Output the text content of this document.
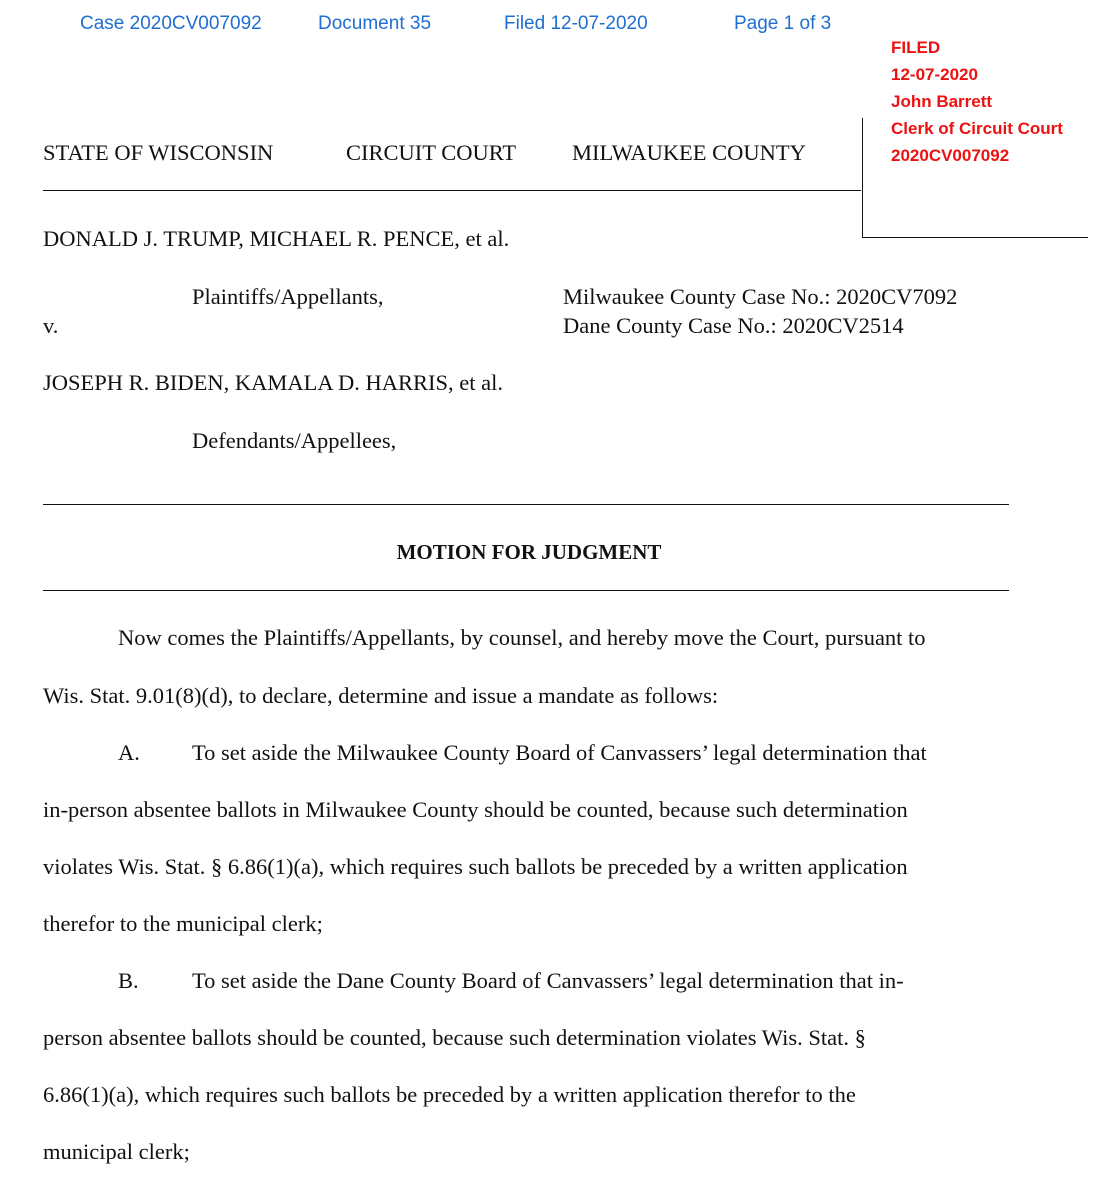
Case 2020CV007092	Document 35	Filed 12-07-2020	Page 1 of 3
FILED
12-07-2020
John Barrett
Clerk of Circuit Court
2020CV007092
STATE OF WISCONSIN	CIRCUIT COURT MILWAUKEE COUNTY
DONALD J. TRUMP, MICHAEL R. PENCE, et al.
Plaintiffs/Appellants,	Milwaukee County Case No.: 2020CV7092
v.	Dane County Case No.: 2020CV2514
JOSEPH R. BIDEN, KAMALA D. HARRIS, et al.
Defendants/Appellees,
MOTION FOR JUDGMENT
Now comes the Plaintiffs/Appellants, by counsel, and hereby move the Court, pursuant to
Wis. Stat. 9.01(8)(d), to declare, determine and issue a mandate as follows:
A. To set aside the Milwaukee County Board of Canvassers’ legal determination that
in-person absentee ballots in Milwaukee County should be counted, because such determination
violates Wis. Stat. § 6.86(1)(a), which requires such ballots be preceded by a written application
therefor to the municipal clerk;
B. To set aside the Dane County Board of Canvassers’ legal determination that in-
person absentee ballots should be counted, because such determination violates Wis. Stat. §
6.86(1)(a), which requires such ballots be preceded by a written application therefor to the
municipal clerk;
